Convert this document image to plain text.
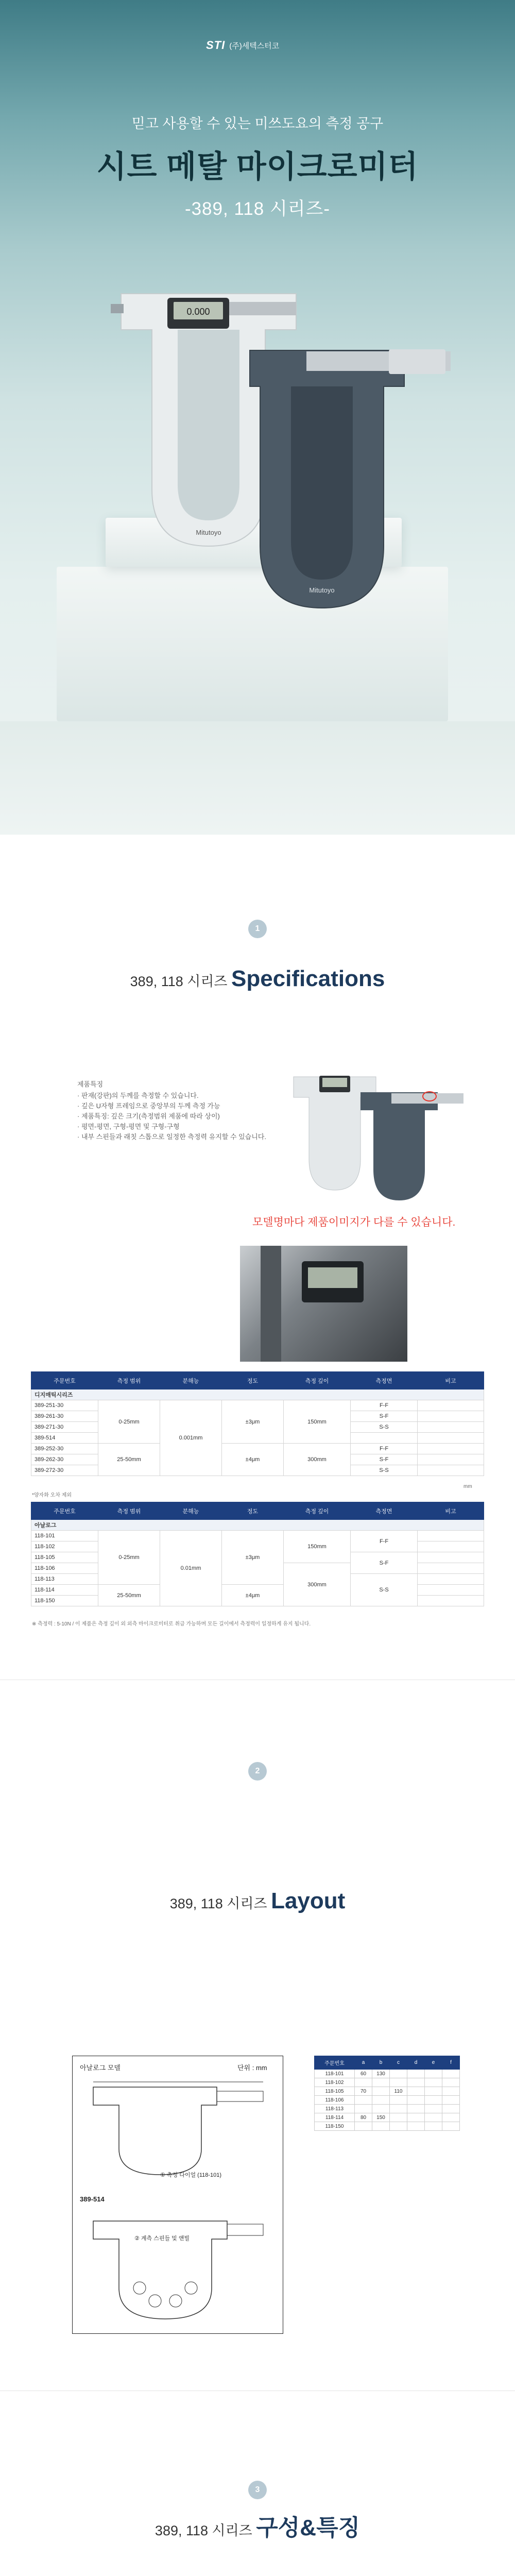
STI (주)세텍스터코
믿고 사용할 수 있는 미쓰도요의 측정 공구
시트 메탈 마이크로미터
-389, 118 시리즈-
0.000
Mitutoyo
Mitutoyo
1
389, 118 시리즈 Specifications
제품특징
· 판재(강판)의 두께를 측정할 수 있습니다.
· 깊은 U자형 프레임으로 중앙부의 두께 측정 가능
· 제품특징: 깊은 크기(측정범위 제품에 따라 상이)
· 평면-평면, 구형-평면 및 구형-구형
· 내부 스핀들과 래칫 스톱으로 일정한 측정력 유지할 수 있습니다.
모델명마다 제품이미지가 다를 수 있습니다.
주문번호	측정 범위	분해능	정도	측정 깊이	측정면	비고
디지매틱시리즈						
389-251-30	0-25mm	0.001mm	±3μm	150mm	F-F	
389-261-30					S-F	
389-271-30					S-S	
389-514						
389-252-30	25-50mm		±4μm	300mm	F-F	
389-262-30					S-F	
389-272-30					S-S	
*양자화 오차 제외
mm
주문번호	측정 범위	분해능	정도	측정 깊이	측정면	비고
아날로그						
118-101	0-25mm	0.01mm	±3μm	150mm	F-F	
118-102						
118-105					S-F	
118-106				300mm		
118-113					S-S	
118-114	25-50mm		±4μm			
118-150						
※ 측정력 : 5-10N / 이 제품은 측정 깊이 외 외측 마이크로미터로 취급 가능하며 모든 길이에서 측정력이 일정하게 유지 됩니다.
2
389, 118 시리즈 Layout
아날로그 모델	단위 : mm
① 측정 다이얼 (118-101)
389-514
② 계측 스핀들 및 앤빌
주문번호	a	b	c	d	e	f
118-101	60	130				
118-102						
118-105	70		110			
118-106						
118-113						
118-114	80	150				
118-150						
3
389, 118 시리즈 구성&특징
